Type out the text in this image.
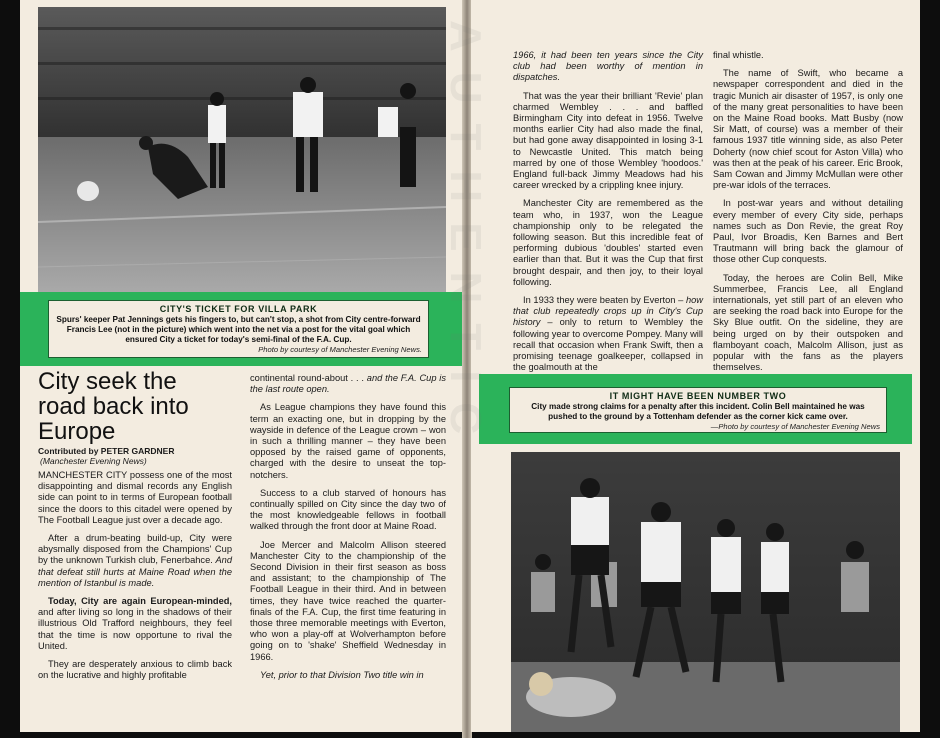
CITY'S TICKET FOR VILLA PARK
Spurs' keeper Pat Jennings gets his fingers to, but can't stop, a shot from City centre-forward Francis Lee (not in the picture) which went into the net via a post for the vital goal which ensured City a ticket for today's semi-final of the F.A. Cup.
Photo by courtesy of Manchester Evening News.
City seek the road back into Europe
Contributed by PETER GARDNER
(Manchester Evening News)

MANCHESTER CITY possess one of the most disappointing and dismal records any English side can point to in terms of European football since the doors to this citadel were opened by The Football League just over a decade ago.

After a drum-beating build-up, City were abysmally disposed from the Champions' Cup by the unknown Turkish club, Fenerbahce. And that defeat still hurts at Maine Road when the mention of Istanbul is made.

Today, City are again European-minded, and after living so long in the shadows of their illustrious Old Trafford neighbours, they feel that the time is now opportune to rival the United.

They are desperately anxious to climb back on the lucrative and highly profitable

continental round-about . . . and the F.A. Cup is the last route open.

As League champions they have found this term an exacting one, but in dropping by the wayside in defence of the League crown – won in such a thrilling manner – they have been opposed by the raised game of opponents, charged with the desire to unseat the top-notchers.

Success to a club starved of honours has continually spilled on City since the day two of the most knowledgeable fellows in football walked through the front door at Maine Road.

Joe Mercer and Malcolm Allison steered Manchester City to the championship of the Second Division in their first season as boss and assistant; to the championship of The Football League in their third. And in between times, they have twice reached the quarter-finals of the F.A. Cup, the first time featuring in those three memorable meetings with Everton, who won a play-off at Wolverhampton before going on to 'shake' Sheffield Wednesday in 1966.

Yet, prior to that Division Two title win in

1966, it had been ten years since the City club had been worthy of mention in dispatches.

That was the year their brilliant 'Revie' plan charmed Wembley . . . and baffled Birmingham City into defeat in 1956. Twelve months earlier City had also made the final, but had gone away disappointed in losing 3-1 to Newcastle United. This match being marred by one of those Wembley 'hoodoos.' England full-back Jimmy Meadows had his career wrecked by a crippling knee injury.

Manchester City are remembered as the team who, in 1937, won the League championship only to be relegated the following season. But this incredible feat of performing dubious 'doubles' started even earlier than that. But it was the Cup that first brought despair, and then joy, to their loyal following.

In 1933 they were beaten by Everton – how that club repeatedly crops up in City's Cup history – only to return to Wembley the following year to overcome Pompey. Many will recall that occasion when Frank Swift, then a promising teenage goalkeeper, collapsed in the goalmouth at the

final whistle.

The name of Swift, who became a newspaper correspondent and died in the tragic Munich air disaster of 1957, is only one of the many great personalities to have been on the Maine Road books. Matt Busby (now Sir Matt, of course) was a member of their famous 1937 title winning side, as also Peter Doherty (now chief scout for Aston Villa) who was then at the peak of his career. Eric Brook, Sam Cowan and Jimmy McMullan were other pre-war idols of the terraces.

In post-war years and without detailing every member of every City side, perhaps names such as Don Revie, the great Roy Paul, Ivor Broadis, Ken Barnes and Bert Trautmann will bring back the glamour of those other Cup conquests.

Today, the heroes are Colin Bell, Mike Summerbee, Francis Lee, all England internationals, yet still part of an eleven who are seeking the road back into Europe for the Sky Blue outfit. On the sideline, they are being urged on by their outspoken and flamboyant coach, Malcolm Allison, just as popular with the fans as the players themselves.

IT MIGHT HAVE BEEN NUMBER TWO
City made strong claims for a penalty after this incident. Colin Bell maintained he was pushed to the ground by a Tottenham defender as the corner kick came over.
—Photo by courtesy of Manchester Evening News
